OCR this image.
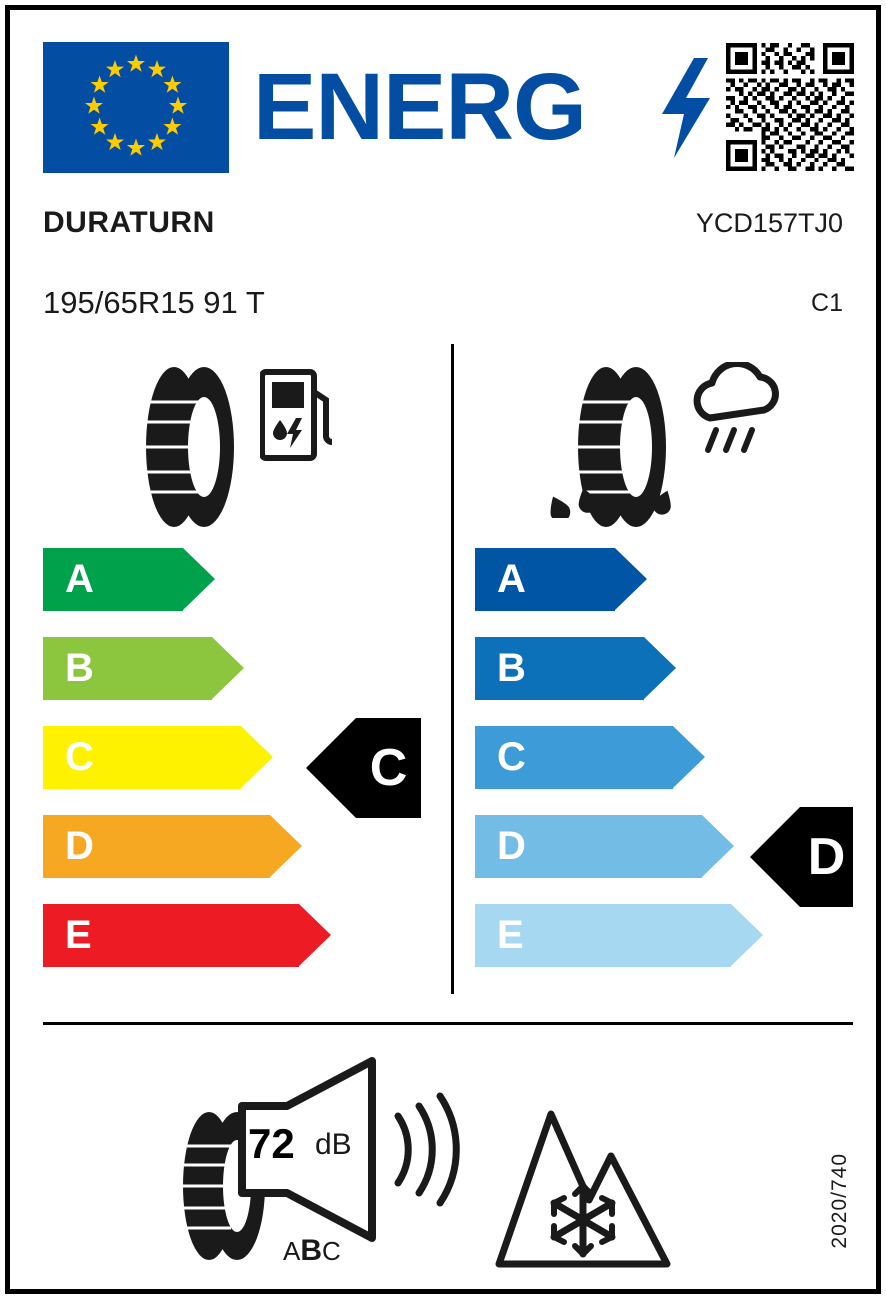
ENERG
DURATURN	YCD157TJ0
195/65R15 91 T	C1
A
B
C
D
E
C
A
B
C
D
E
D
72 dB
ABC
2020/740
